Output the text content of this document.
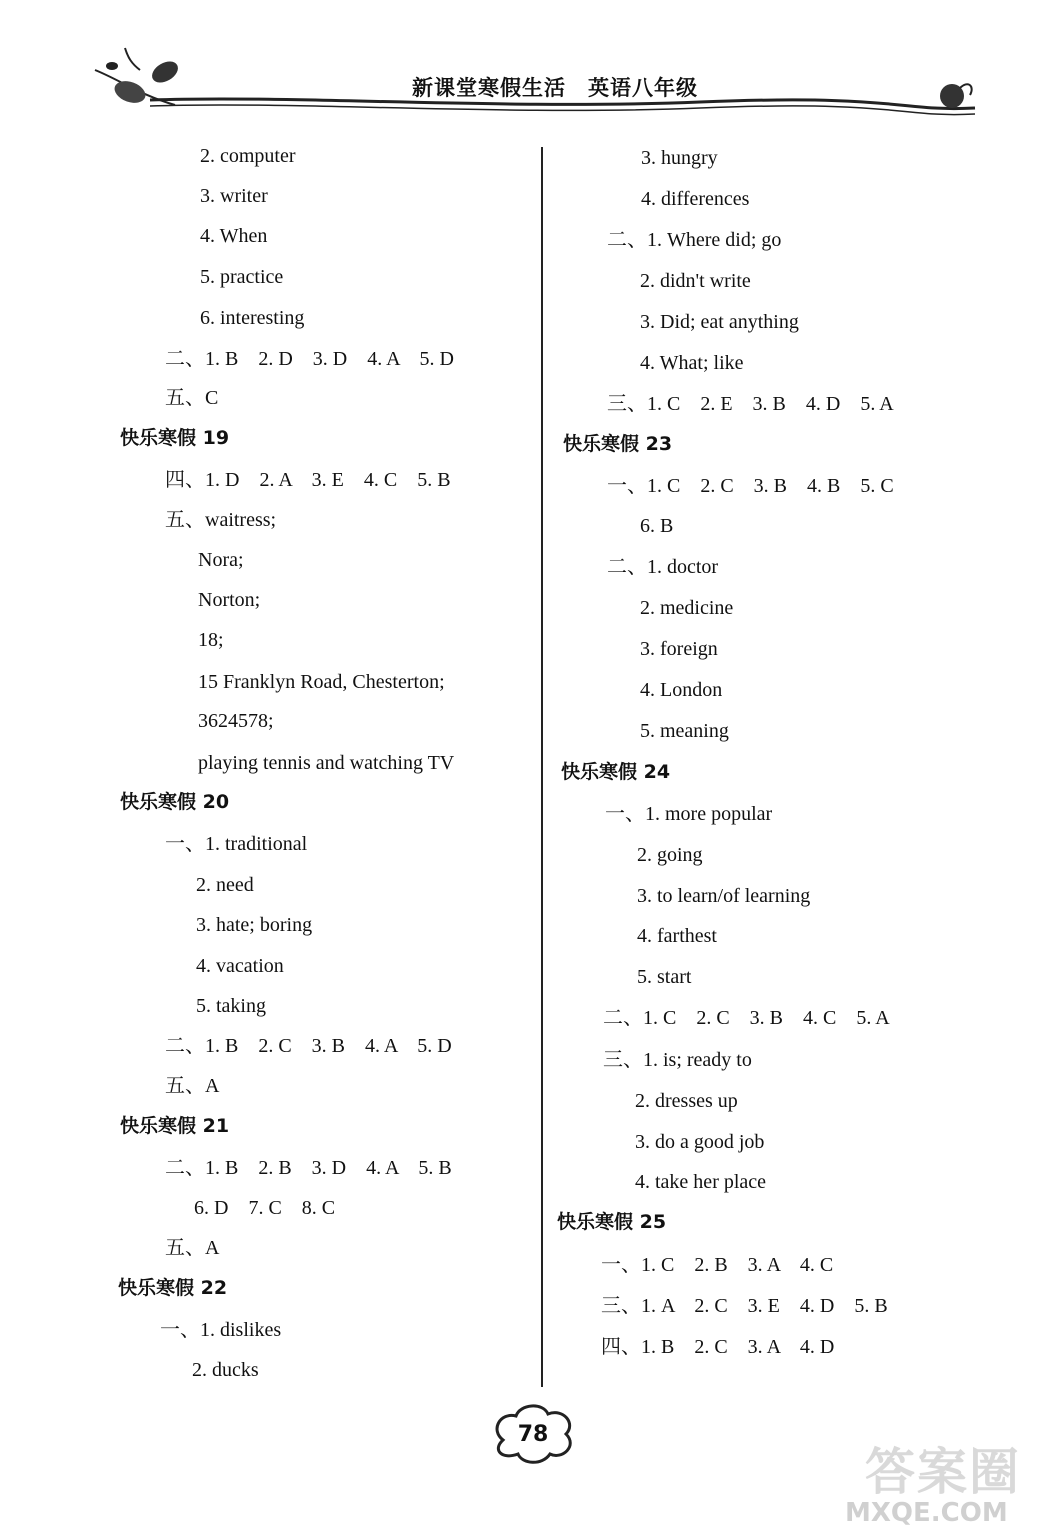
新课堂寒假生活　英语八年级
2. computer
3. writer
4. When
5. practice
6. interesting
二、1. B　2. D　3. D　4. A　5. D
五、C
快乐寒假 19
四、1. D　2. A　3. E　4. C　5. B
五、waitress;
Nora;
Norton;
18;
15 Franklyn Road, Chesterton;
3624578;
playing tennis and watching TV
快乐寒假 20
一、1. traditional
2. need
3. hate; boring
4. vacation
5. taking
二、1. B　2. C　3. B　4. A　5. D
五、A
快乐寒假 21
二、1. B　2. B　3. D　4. A　5. B
6. D　7. C　8. C
五、A
快乐寒假 22
一、1. dislikes
2. ducks
3. hungry
4. differences
二、1. Where did; go
2. didn't write
3. Did; eat anything
4. What; like
三、1. C　2. E　3. B　4. D　5. A
快乐寒假 23
一、1. C　2. C　3. B　4. B　5. C
6. B
二、1. doctor
2. medicine
3. foreign
4. London
5. meaning
快乐寒假 24
一、1. more popular
2. going
3. to learn/of learning
4. farthest
5. start
二、1. C　2. C　3. B　4. C　5. A
三、1. is; ready to
2. dresses up
3. do a good job
4. take her place
快乐寒假 25
一、1. C　2. B　3. A　4. C
三、1. A　2. C　3. E　4. D　5. B
四、1. B　2. C　3. A　4. D
78
答案圈
MXQE.COM
